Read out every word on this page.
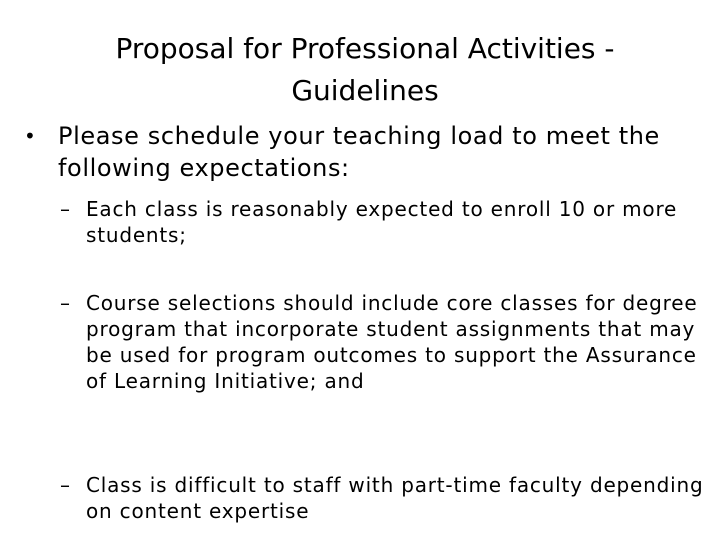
Proposal for Professional Activities -
Guidelines
• Please schedule your teaching load to meet the following expectations:
– Each class is reasonably expected to enroll 10 or more students;
– Course selections should include core classes for degree program that incorporate student assignments that may be used for program outcomes to support the Assurance of Learning Initiative; and
– Class is difficult to staff with part-time faculty depending on content expertise
